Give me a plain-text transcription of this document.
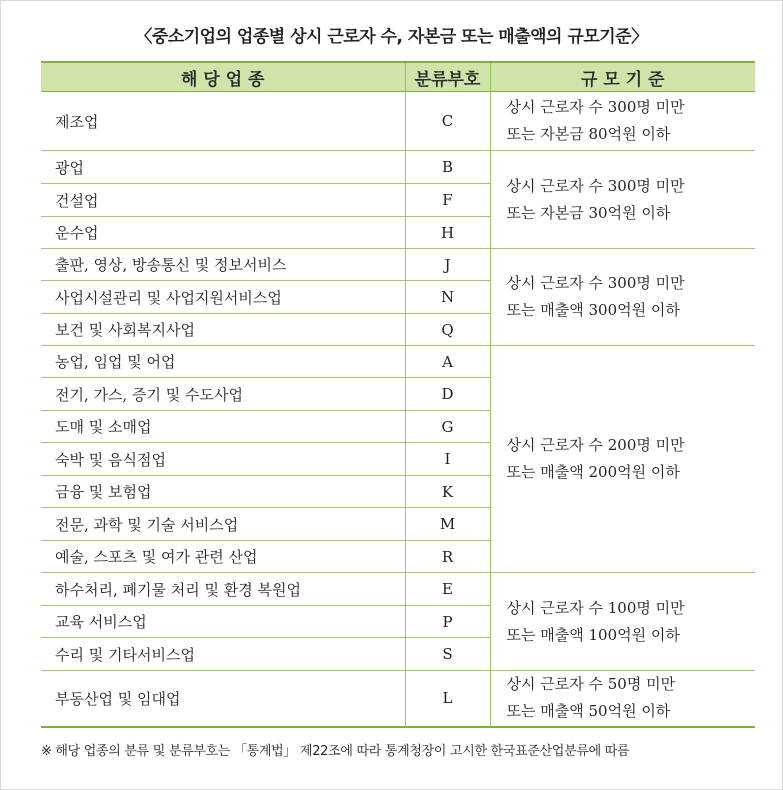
〈중소기업의 업종별 상시 근로자 수, 자본금 또는 매출액의 규모기준〉
해 당 업 종	분류부호	규 모 기 준
제조업	C	상시 근로자 수 300명 미만
또는 자본금 80억원 이하

광업	B	상시 근로자 수 300명 미만
또는 자본금 30억원 이하

건설업	F	
운수업	H	
출판, 영상, 방송통신 및 정보서비스	J	상시 근로자 수 300명 미만
또는 매출액 300억원 이하

사업시설관리 및 사업지원서비스업	N	
보건 및 사회복지사업	Q	
농업, 임업 및 어업	A	상시 근로자 수 200명 미만
또는 매출액 200억원 이하

전기, 가스, 증기 및 수도사업	D	
도매 및 소매업	G	
숙박 및 음식점업	I	
금융 및 보험업	K	
전문, 과학 및 기술 서비스업	M	
예술, 스포츠 및 여가 관련 산업	R	
하수처리, 폐기물 처리 및 환경 복원업	E	상시 근로자 수 100명 미만
또는 매출액 100억원 이하

교육 서비스업	P	
수리 및 기타서비스업	S	
부동산업 및 임대업	L	상시 근로자 수 50명 미만
또는 매출액 50억원 이하
※ 해당 업종의 분류 및 분류부호는 「통계법」 제22조에 따라 통계청장이 고시한 한국표준산업분류에 따름
